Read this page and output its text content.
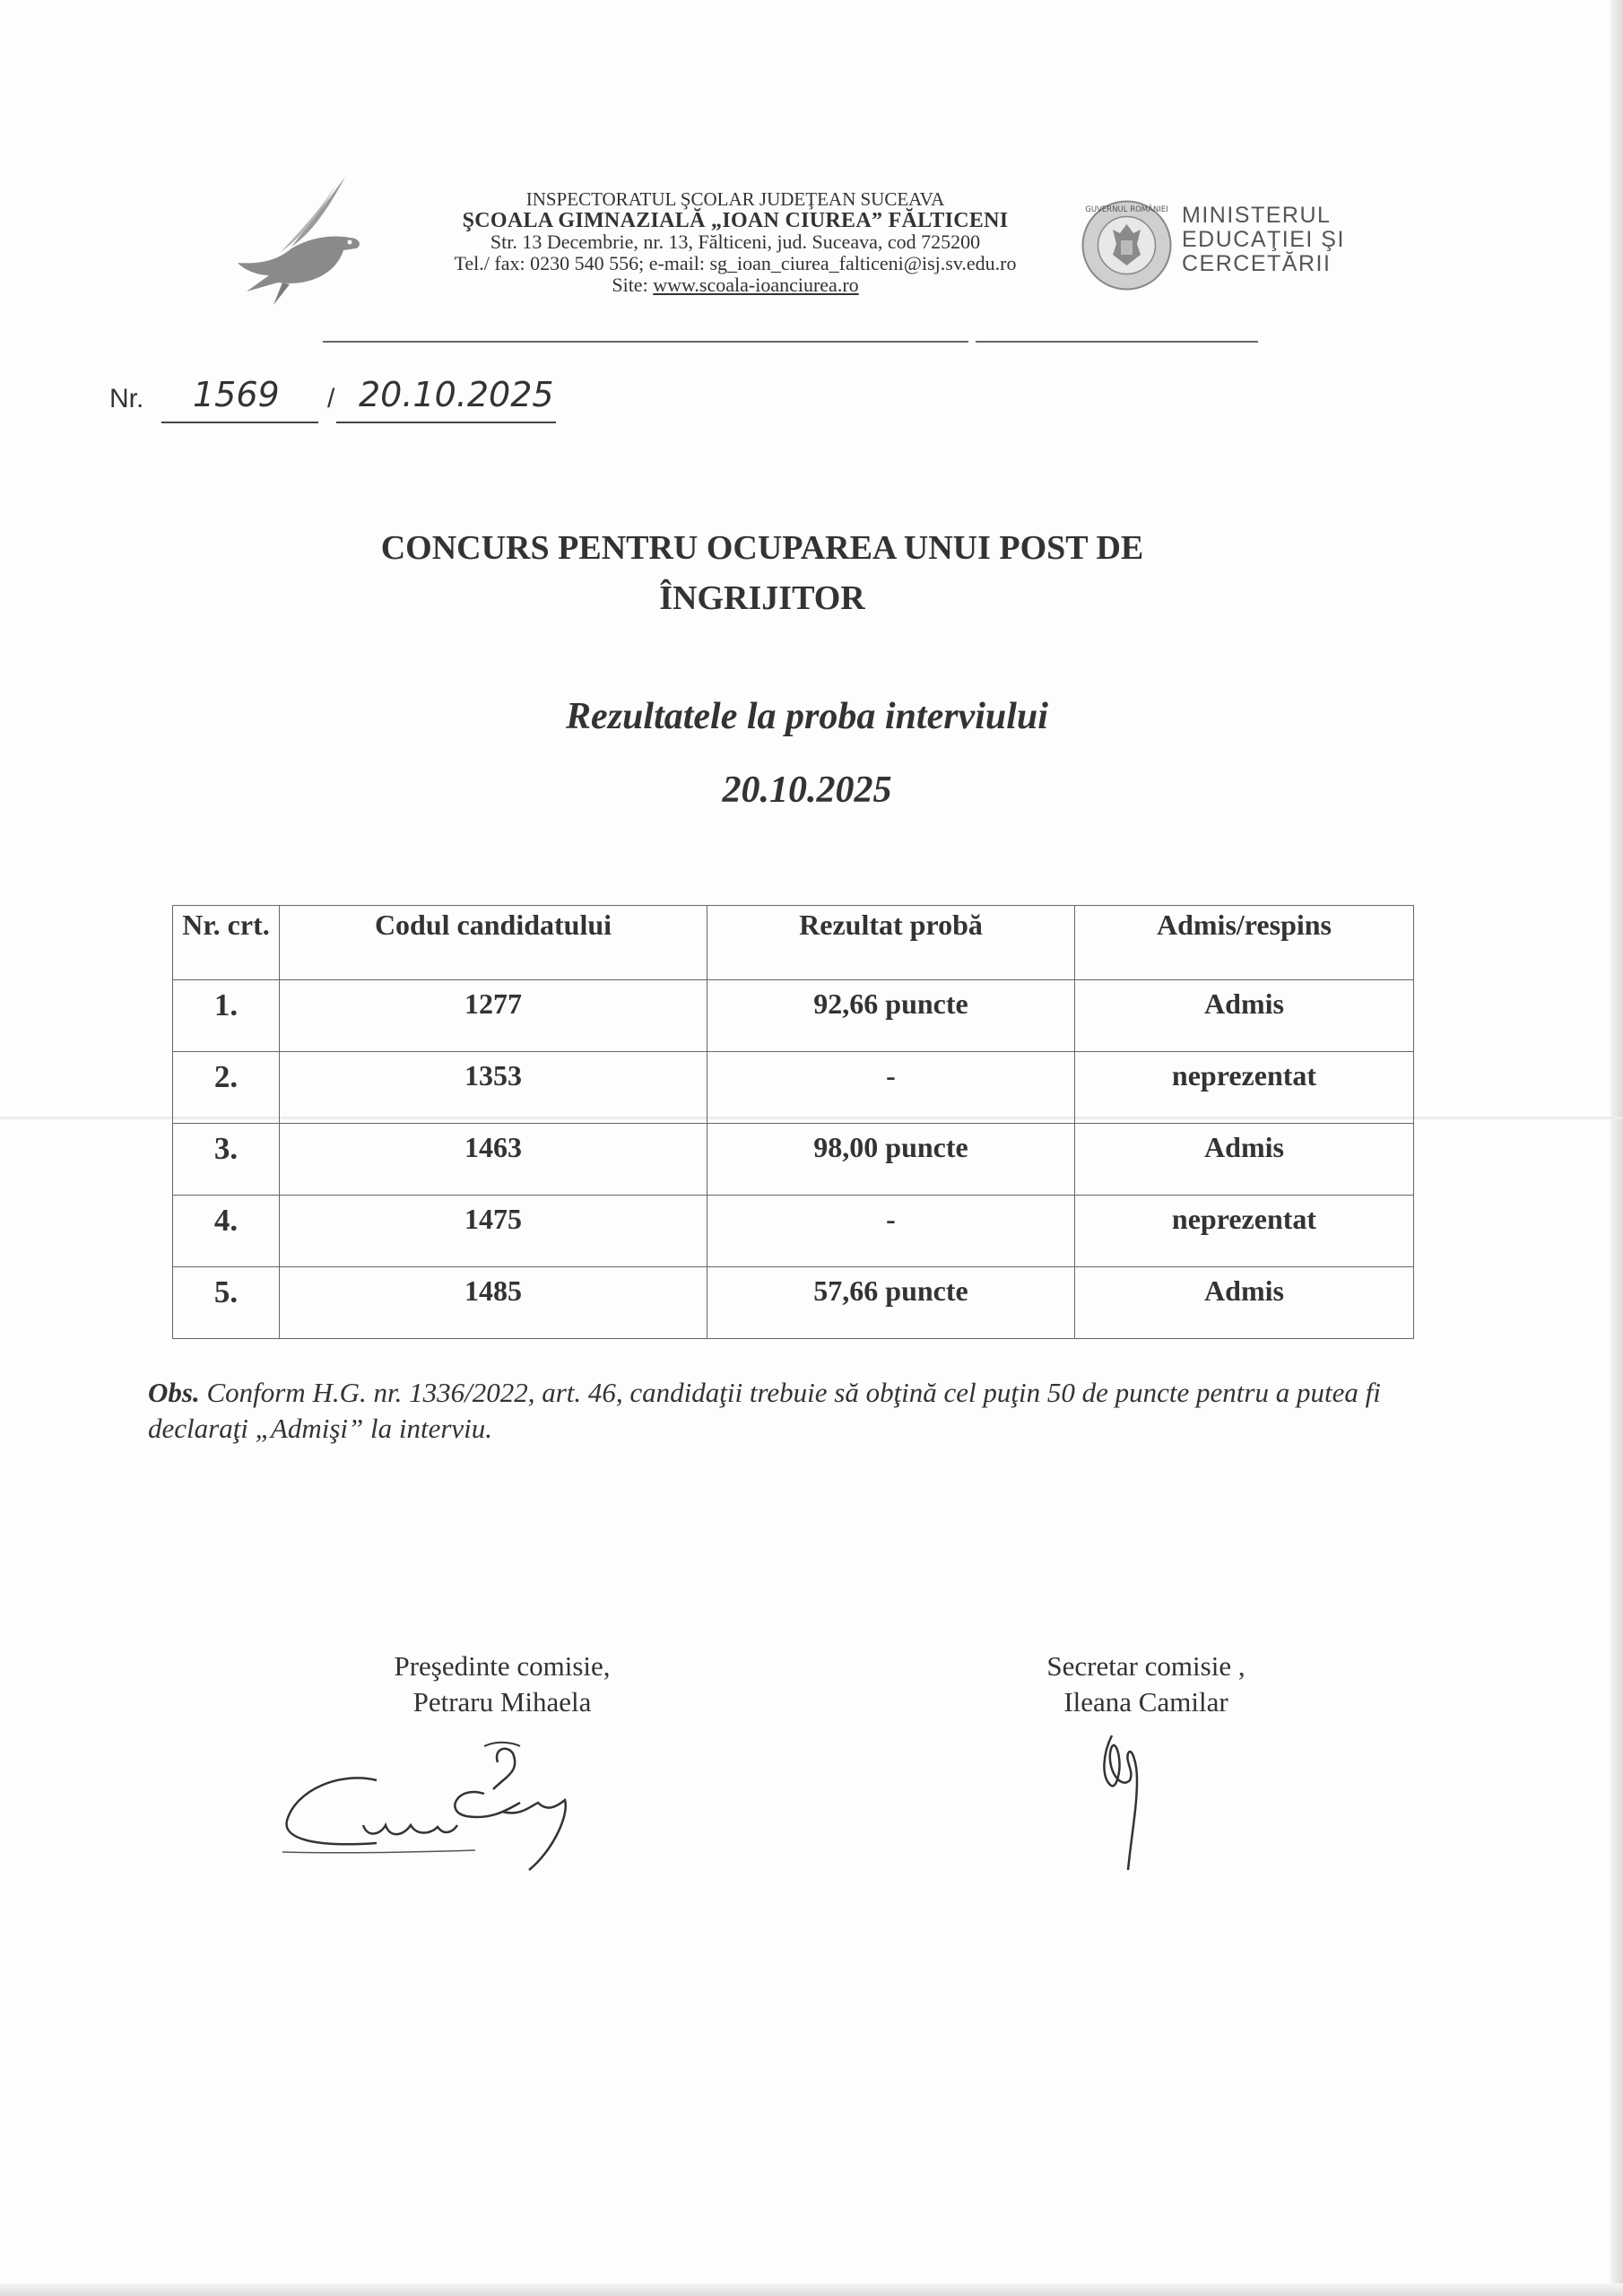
INSPECTORATUL ŞCOLAR JUDEŢEAN SUCEAVA
ŞCOALA GIMNAZIALĂ „IOAN CIUREA” FĂLTICENI
Str. 13 Decembrie, nr. 13, Fălticeni, jud. Suceava, cod 725200
Tel./ fax: 0230 540 556; e-mail: sg_ioan_ciurea_falticeni@isj.sv.edu.ro
Site: www.scoala-ioanciurea.ro
GUVERNUL ROMÂNIEI MINISTERUL
EDUCAŢIEI ŞI
CERCETĂRII
Nr. 1569 / 20.10.2025
CONCURS PENTRU OCUPAREA UNUI POST DE
ÎNGRIJITOR
Rezultatele la proba interviului
20.10.2025
Nr. crt.	Codul candidatului	Rezultat probă	Admis/respins
1.	1277	92,66 puncte	Admis
2.	1353	-	neprezentat
3.	1463	98,00 puncte	Admis
4.	1475	-	neprezentat
5.	1485	57,66 puncte	Admis
Obs. Conform H.G. nr. 1336/2022, art. 46, candidaţii trebuie să obţină cel puţin 50 de puncte pentru a putea fi declaraţi „Admişi” la interviu.
Preşedinte comisie,
Petraru Mihaela
Secretar comisie ,
Ileana Camilar
